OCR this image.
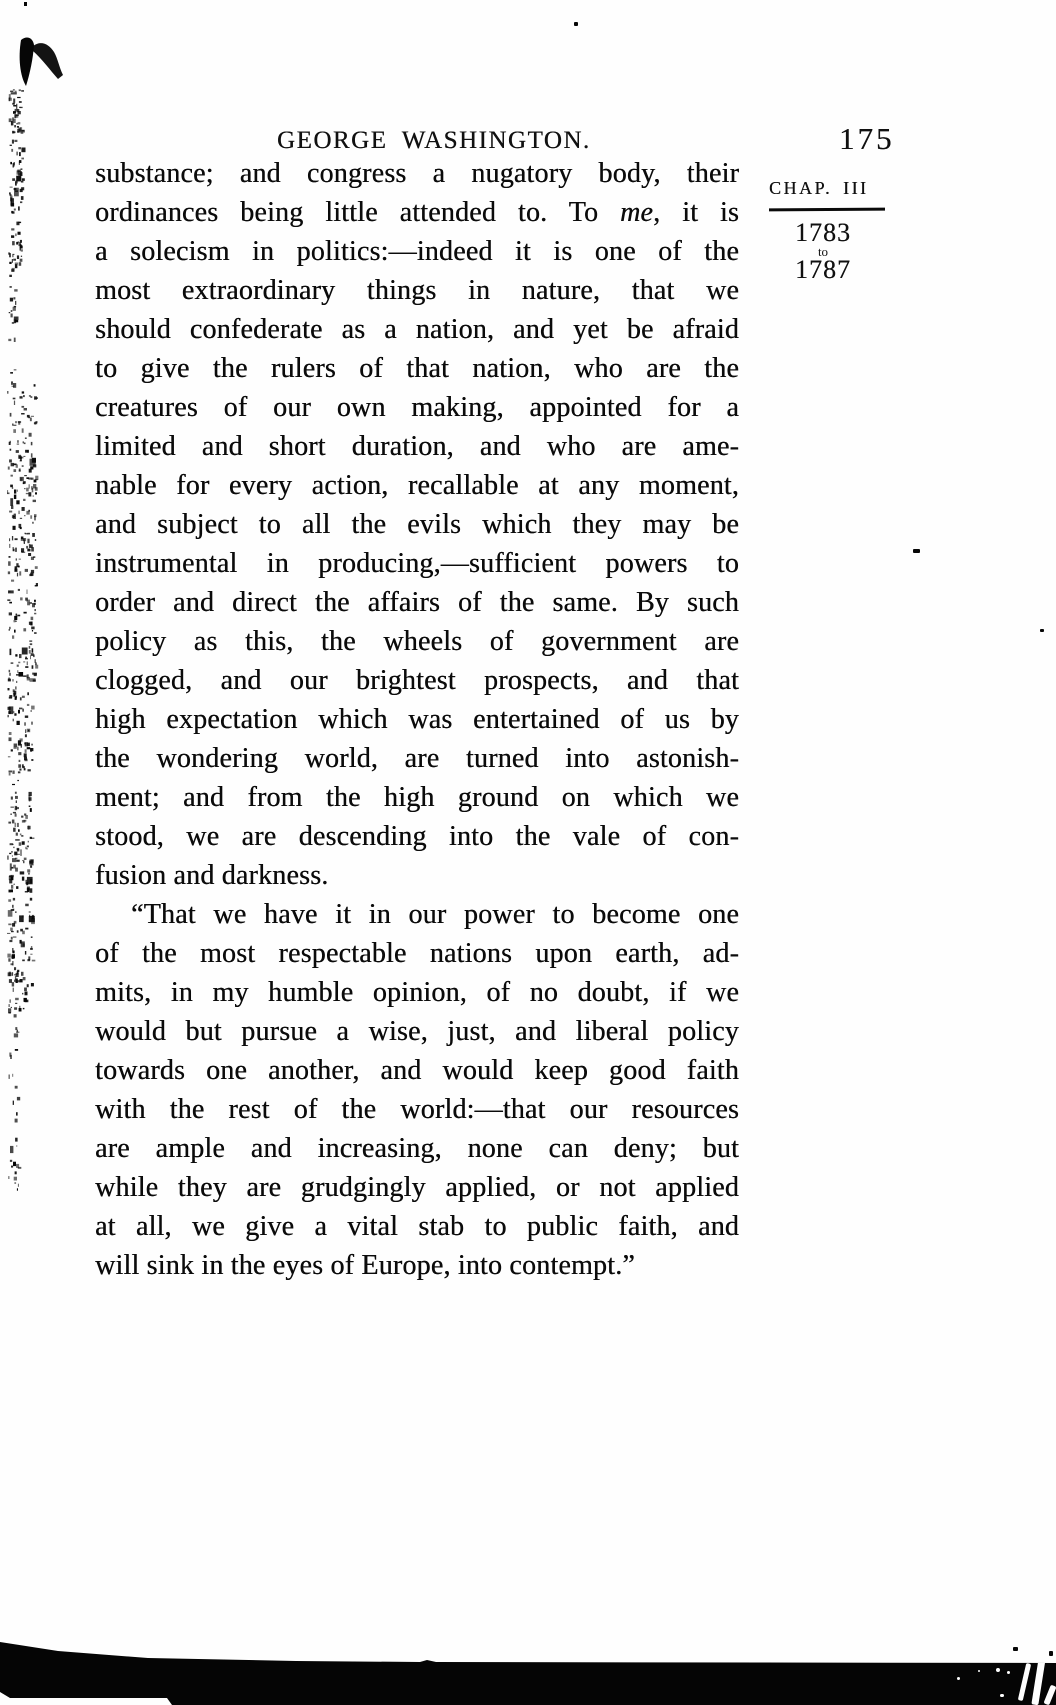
GEORGE WASHINGTON.	175
CHAP. III
1783
to
1787

substance; and congress a nugatory body, their

ordinances being little attended to. To me, it is

a solecism in politics:—indeed it is one of the

most extraordinary things in nature, that we

should confederate as a nation, and yet be afraid

to give the rulers of that nation, who are the

creatures of our own making, appointed for a

limited and short duration, and who are ame-

nable for every action, recallable at any moment,

and subject to all the evils which they may be

instrumental in producing,—sufficient powers to

order and direct the affairs of the same. By such

policy as this, the wheels of government are

clogged, and our brightest prospects, and that

high expectation which was entertained of us by

the wondering world, are turned into astonish-

ment; and from the high ground on which we

stood, we are descending into the vale of con-

fusion and darkness.

“That we have it in our power to become one

of the most respectable nations upon earth, ad-

mits, in my humble opinion, of no doubt, if we

would but pursue a wise, just, and liberal policy

towards one another, and would keep good faith

with the rest of the world:—that our resources

are ample and increasing, none can deny; but

while they are grudgingly applied, or not applied

at all, we give a vital stab to public faith, and

will sink in the eyes of Europe, into contempt.”
